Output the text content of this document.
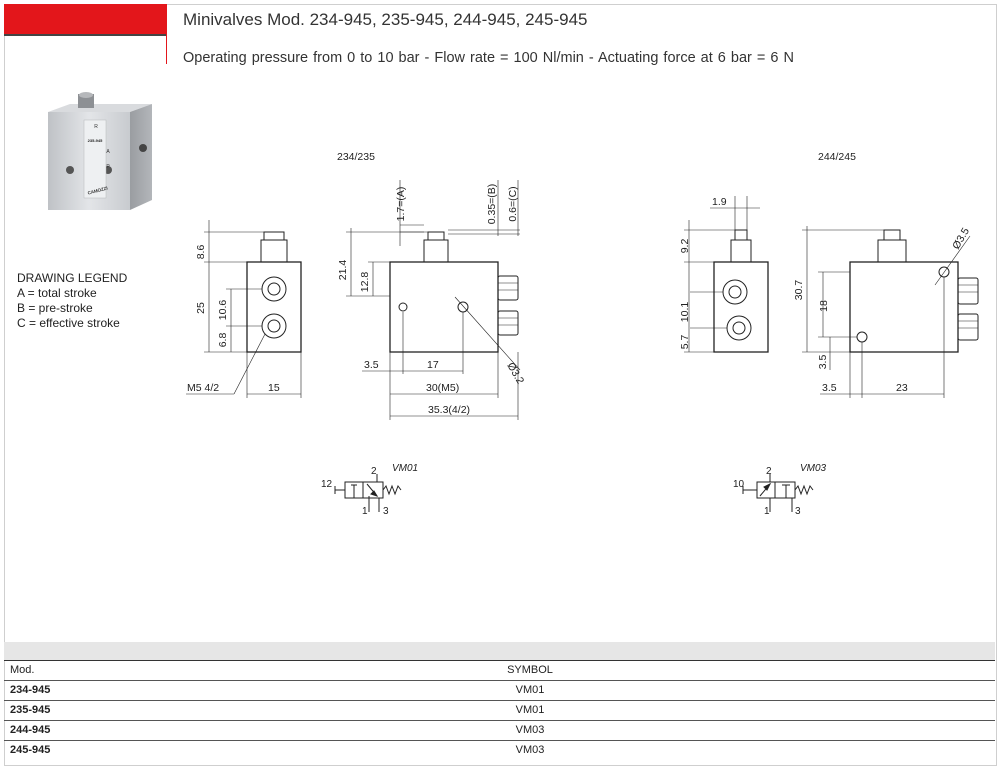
Minivalves Mod. 234-945, 235-945, 244-945, 245-945
Operating pressure from 0 to 10 bar - Flow rate = 100 Nl/min - Actuating force at 6 bar = 6 N
R
235-945
A
P
CAMOZZI
DRAWING LEGEND
A = total stroke
B = pre-stroke
C = effective stroke
234/235	244/245
8.6
25 10.6
6.8
M5 4/2	15
1.7=(A)	0.35=(B) 0.6=(C)
21.4
12.8
3.5	17
30(M5)
35.3(4/2)
Ø3.2
1.9
9.2
10.1
5.7
30.7
18
3.5
3.5	23
Ø3.5
12
2
1 3
VM01
10
2
1	3
VM03
Mod.	SYMBOL
234-945	VM01
235-945	VM01
244-945	VM03
245-945	VM03
